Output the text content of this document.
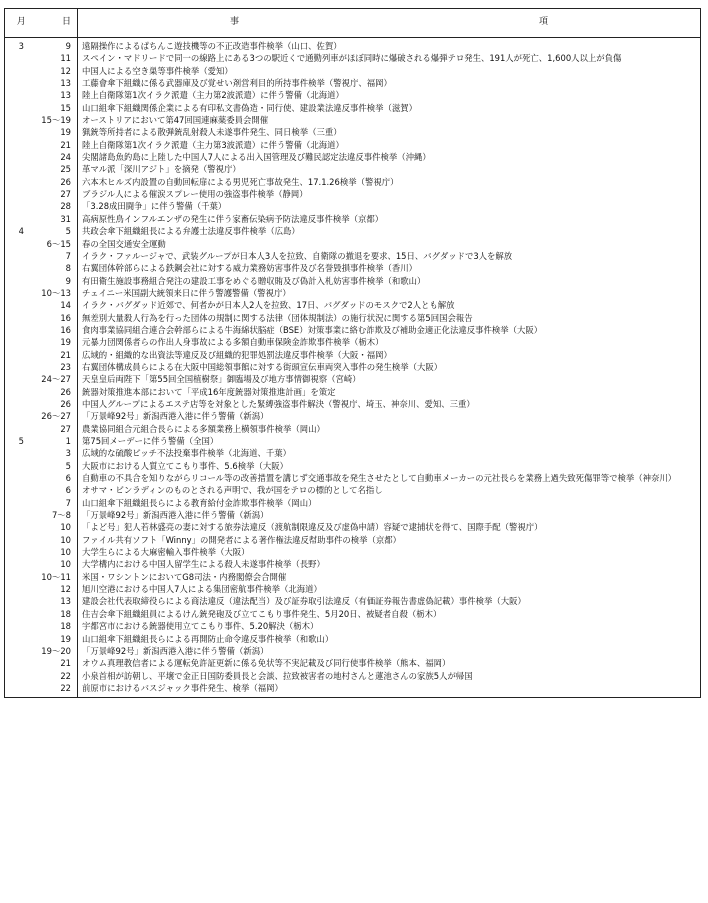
月	日	事 項
3	9	遠隔操作によるぱちんこ遊技機等の不正改造事件検挙（山口、佐賀）
	11	スペイン・マドリードで同一の線路上にある3つの駅近くで通勤列車がほぼ同時に爆破される爆弾テロ発生、191人が死亡、1,600人以上が負傷
	12	中国人による空き巣等事件検挙（愛知）
	13	工藤會傘下組織に係る武器庫及び覚せい剤営利目的所持事件検挙（警視庁、福岡）
	13	陸上自衛隊第1次イラク派遣（主力第2波派遣）に伴う警備（北海道）
	15	山口組傘下組織関係企業による有印私文書偽造・同行使、建設業法違反事件検挙（滋賀）
	15〜19	オーストリアにおいて第47回国連麻薬委員会開催
	19	猟銃等所持者による散弾銃乱射殺人未遂事件発生、同日検挙（三重）
	21	陸上自衛隊第1次イラク派遣（主力第3波派遣）に伴う警備（北海道）
	24	尖閣諸島魚釣島に上陸した中国人7人による出入国管理及び難民認定法違反事件検挙（沖縄）
	25	革マル派「深川アジト」を摘発（警視庁）
	26	六本木ヒルズ内設置の自動回転扉による男児死亡事故発生、17.1.26検挙（警視庁）
	27	ブラジル人による催涙スプレー使用の強盗事件検挙（静岡）
	28	「3.28成田闘争」に伴う警備（千葉）
	31	高病原性鳥インフルエンザの発生に伴う家畜伝染病予防法違反事件検挙（京都）
4	5	共政会傘下組織組長による弁護士法違反事件検挙（広島）
	6〜15	春の全国交通安全運動
	7	イラク・ファルージャで、武装グループが日本人3人を拉致、自衛隊の撤退を要求、15日、バグダッドで3人を解放
	8	右翼団体幹部らによる鉄鋼会社に対する威力業務妨害事件及び名誉毀損事件検挙（香川）
	9	有田衛生施設事務組合発注の建設工事をめぐる贈収賄及び偽計入札妨害事件検挙（和歌山）
	10〜13	チェイニー米国副大統領来日に伴う警護警備（警視庁）
	14	イラク・バグダッド近郊で、何者かが日本人2人を拉致、17日、バグダッドのモスクで2人とも解放
	16	無差別大量殺人行為を行った団体の規制に関する法律（団体規制法）の施行状況に関する第5回国会報告
	16	食肉事業協同組合連合会幹部らによる牛海綿状脳症（BSE）対策事業に絡む詐欺及び補助金適正化法違反事件検挙（大阪）
	19	元暴力団関係者らの作出人身事故による多額自動車保険金詐欺事件検挙（栃木）
	21	広域的・組織的な出資法等違反及び組織的犯罪処罰法違反事件検挙（大阪・福岡）
	23	右翼団体構成員らによる在大阪中国総領事館に対する街頭宣伝車両突入事件の発生検挙（大阪）
	24〜27	天皇皇后両陛下「第55回全国植樹祭」御臨場及び地方事情御視察（宮崎）
	26	銃器対策推進本部において「平成16年度銃器対策推進計画」を策定
	26	中国人グループによるエステ店等を対象とした緊縛強盗事件解決（警視庁、埼玉、神奈川、愛知、三重）
	26〜27	「万景峰92号」新潟西港入港に伴う警備（新潟）
	27	農業協同組合元組合長らによる多額業務上横領事件検挙（岡山）
5	1	第75回メーデーに伴う警備（全国）
	3	広域的な硫酸ピッチ不法投棄事件検挙（北海道、千葉）
	5	大阪市における人質立てこもり事件、5.6検挙（大阪）
	6	自動車の不具合を知りながらリコール等の改善措置を講じず交通事故を発生させたとして自動車メーカーの元社長らを業務上過失致死傷罪等で検挙（神奈川）
	6	オサマ・ビンラディンのものとされる声明で、我が国をテロの標的として名指し
	7	山口組傘下組織組長らによる教育給付金詐欺事件検挙（岡山）
	7〜8	「万景峰92号」新潟西港入港に伴う警備（新潟）
	10	「よど号」犯人若林盛亮の妻に対する旅券法違反（渡航制限違反及び虚偽申請）容疑で逮捕状を得て、国際手配（警視庁）
	10	ファイル共有ソフト「Winny」の開発者による著作権法違反幇助事件の検挙（京都）
	10	大学生らによる大麻密輸入事件検挙（大阪）
	10	大学構内における中国人留学生による殺人未遂事件検挙（長野）
	10〜11	米国・ワシントンにおいてG8司法・内務閣僚会合開催
	12	旭川空港における中国人7人による集団密航事件検挙（北海道）
	13	建設会社代表取締役らによる商法違反（違法配当）及び証券取引法違反（有価証券報告書虚偽記載）事件検挙（大阪）
	18	住吉会傘下組織組員によるけん銃発砲及び立てこもり事件発生、5月20日、被疑者自殺（栃木）
	18	宇都宮市における銃器使用立てこもり事件、5.20解決（栃木）
	19	山口組傘下組織組長らによる再開防止命令違反事件検挙（和歌山）
	19〜20	「万景峰92号」新潟西港入港に伴う警備（新潟）
	21	オウム真理教信者による運転免許証更新に係る免状等不実記載及び同行使事件検挙（熊本、福岡）
	22	小泉首相が訪朝し、平壌で金正日国防委員長と会談、拉致被害者の地村さんと蓮池さんの家族5人が帰国
	22	前原市におけるバスジャック事件発生、検挙（福岡）
